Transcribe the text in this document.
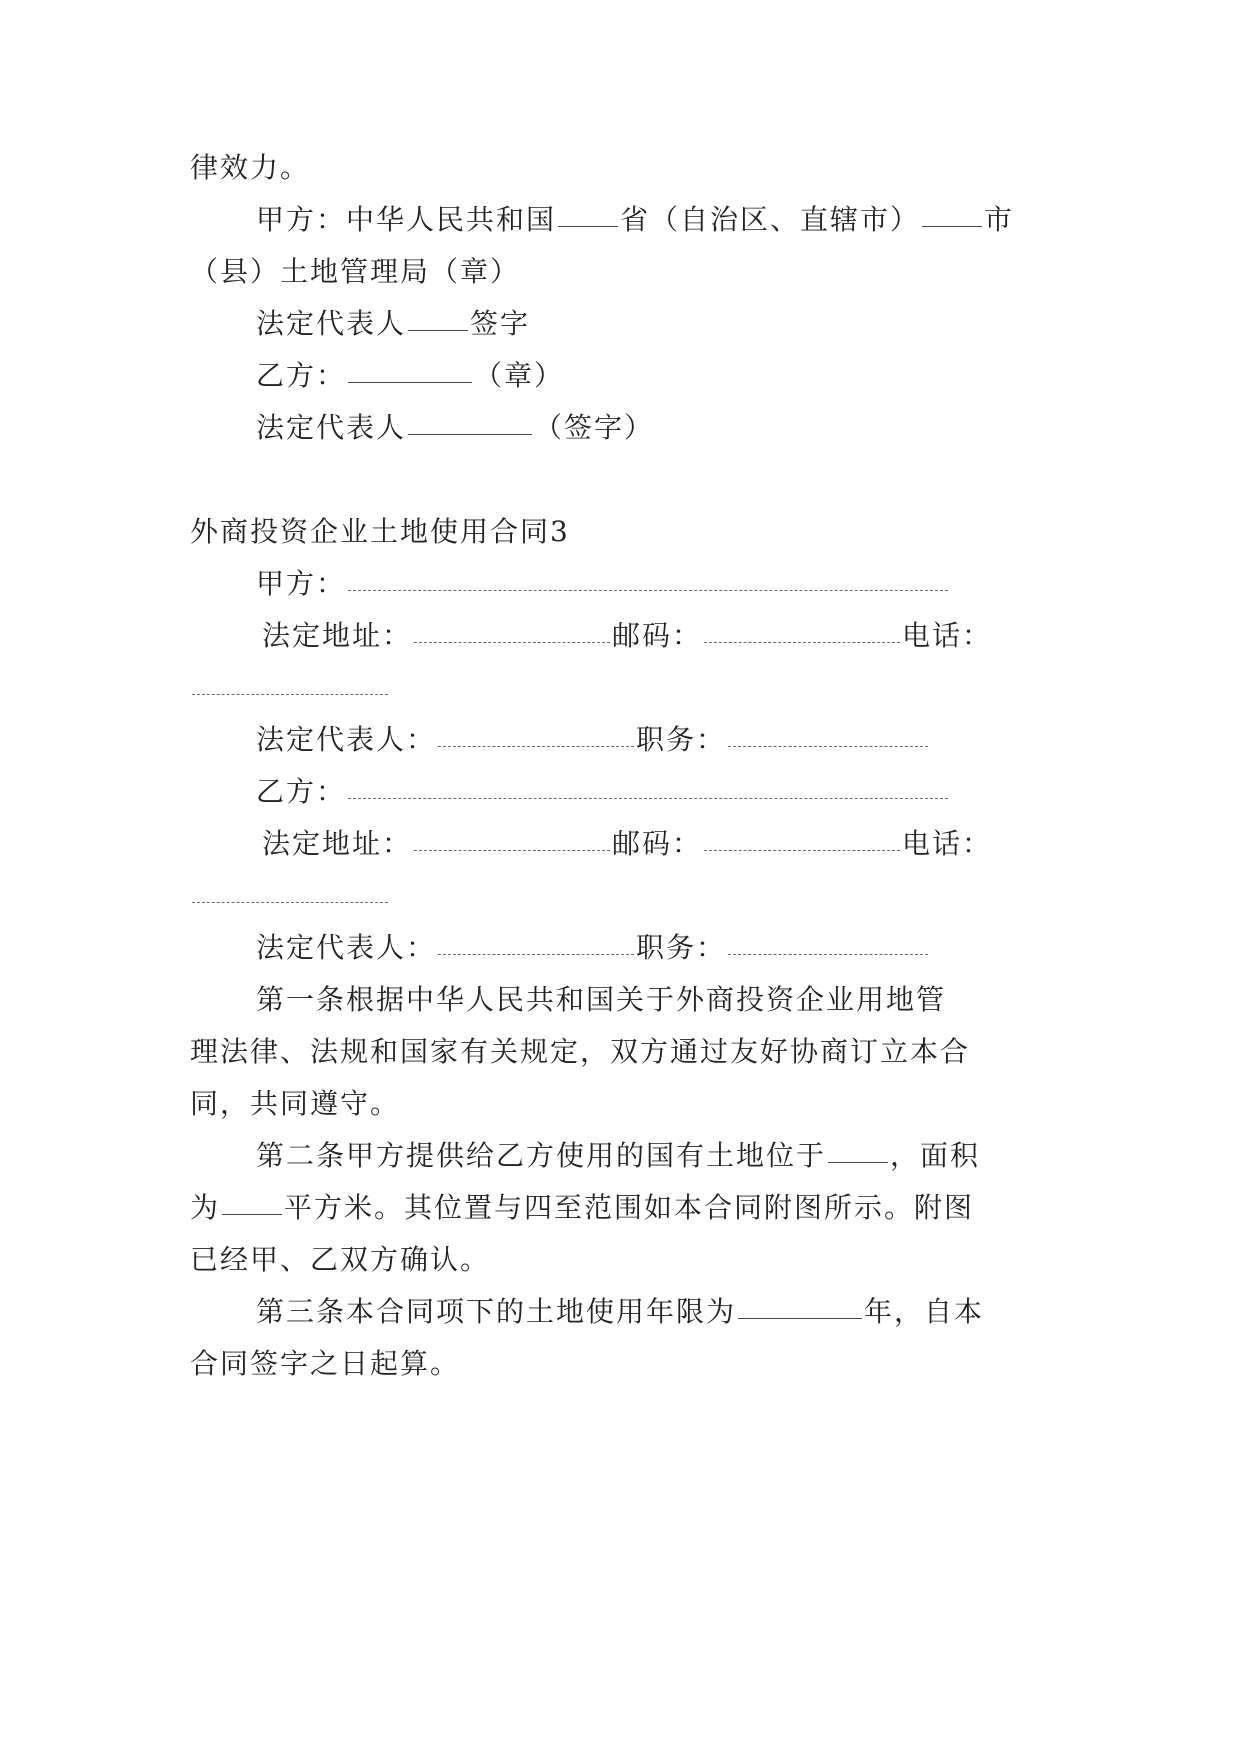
律效力。
甲方：中华人民共和国 省（自治区、直辖市） 市
（县）土地管理局（章）
法定代表人 签字
乙方：	（章）
法定代表人	（签字）
外商投资企业土地使用合同3
甲方：
法定地址：	邮码：	电话：
法定代表人：	职务：
乙方：
法定地址：	邮码：	电话：
法定代表人：	职务：
第一条根据中华人民共和国关于外商投资企业用地管
理法律、法规和国家有关规定，双方通过友好协商订立本合
同，共同遵守。
第二条甲方提供给乙方使用的国有土地位于 ，面积
为 平方米。其位置与四至范围如本合同附图所示。附图
已经甲、乙双方确认。
第三条本合同项下的土地使用年限为	年，自本
合同签字之日起算。
